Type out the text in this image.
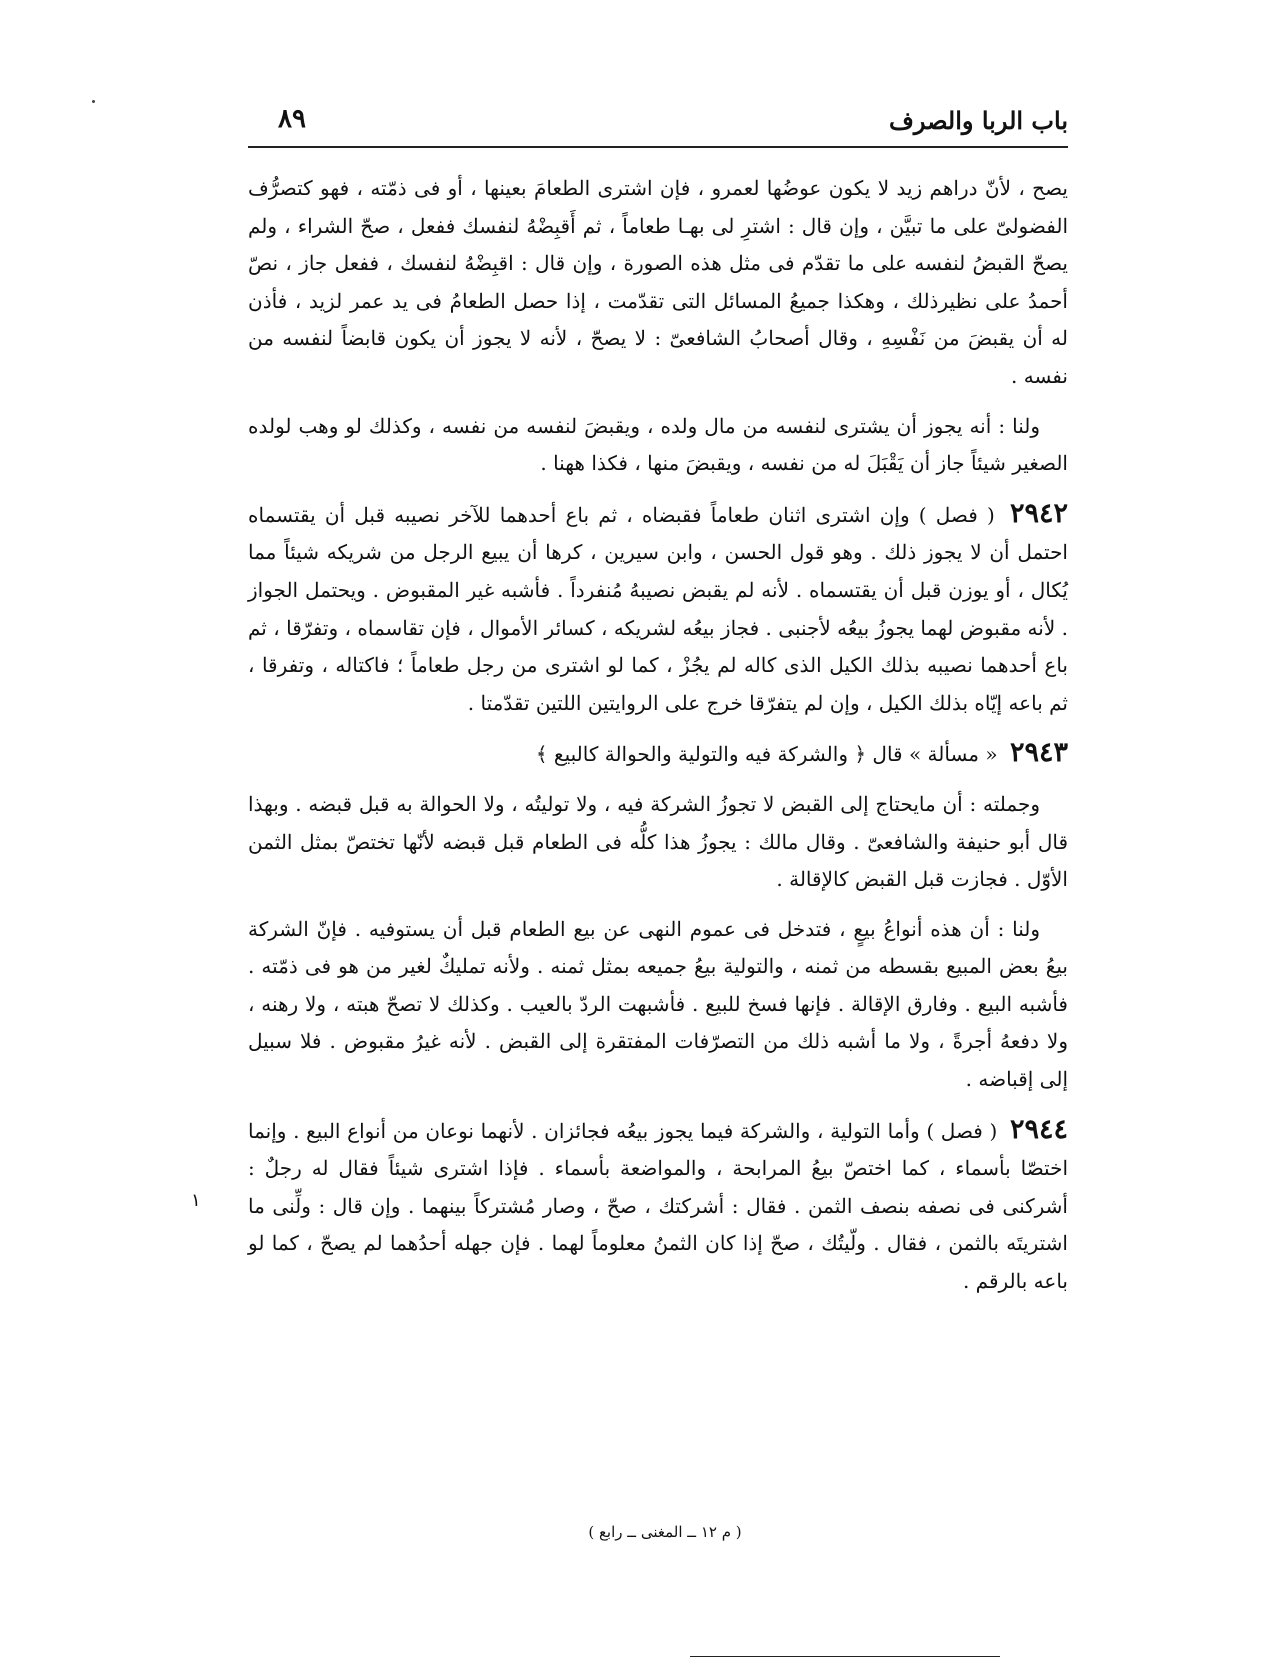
باب الربا والصرف
٨٩

يصح ، لأنّ دراهم زيد لا يكون عوضُها لعمرو ، فإن اشترى الطعامَ بعينها ، أو فى ذمّته ، فهو كتصرُّف الفضولىّ على ما تبيَّن ، وإن قال : اشترِ لى بهـا طعاماً ، ثم أَقبِضْهُ لنفسك ففعل ، صحّ الشراء ، ولم يصحّ القبضُ لنفسه على ما تقدّم فى مثل هذه الصورة ، وإن قال : اقبِضْهُ لنفسك ، ففعل جاز ، نصّ أحمدُ على نظيرذلك ، وهكذا جميعُ المسائل التى تقدّمت ، إذا حصل الطعامُ فى يد عمر لزيد ، فأذن له أن يقبضَ من نَفْسِهِ ، وقال أصحابُ الشافعىّ : لا يصحّ ، لأنه لا يجوز أن يكون قابضاً لنفسه من نفسه .

ولنا : أنه يجوز أن يشترى لنفسه من مال ولده ، ويقبضَ لنفسه من نفسه ، وكذلك لو وهب لولده الصغير شيئاً جاز أن يَقْبَلَ له من نفسه ، ويقبضَ منها ، فكذا ههنا .

٢٩٤٢ ( فصل ) وإن اشترى اثنان طعاماً فقبضاه ، ثم باع أحدهما للآخر نصيبه قبل أن يقتسماه احتمل أن لا يجوز ذلك . وهو قول الحسن ، وابن سيرين ، كرها أن يبيع الرجل من شريكه شيئاً مما يُكال ، أو يوزن قبل أن يقتسماه . لأنه لم يقبض نصيبهُ مُنفرداً . فأشبه غير المقبوض . ويحتمل الجواز . لأنه مقبوض لهما يجوزُ بيعُه لأجنبى . فجاز بيعُه لشريكه ، كسائر الأموال ، فإن تقاسماه ، وتفرّقا ، ثم باع أحدهما نصيبه بذلك الكيل الذى كاله لم يجُزْ ، كما لو اشترى من رجل طعاماً ؛ فاكتاله ، وتفرقا ، ثم باعه إيّاه بذلك الكيل ، وإن لم يتفرّقا خرج على الروايتين اللتين تقدّمتا .

٢٩٤٣ « مسألة » قال ﴿ والشركة فيه والتولية والحوالة كالبيع ﴾

وجملته : أن مايحتاج إلى القبض لا تجوزُ الشركة فيه ، ولا توليتُه ، ولا الحوالة به قبل قبضه . وبهذا قال أبو حنيفة والشافعىّ . وقال مالك : يجوزُ هذا كلُّه فى الطعام قبل قبضه لأنّها تختصّ بمثل الثمن الأوّل . فجازت قبل القبض كالإقالة .

ولنا : أن هذه أنواعُ بيعٍ ، فتدخل فى عموم النهى عن بيع الطعام قبل أن يستوفيه . فإنّ الشركة بيعُ بعض المبيع بقسطه من ثمنه ، والتولية بيعُ جميعه بمثل ثمنه . ولأنه تمليكٌ لغير من هو فى ذمّته . فأشبه البيع . وفارق الإقالة . فإنها فسخ للبيع . فأشبهت الردّ بالعيب . وكذلك لا تصحّ هبته ، ولا رهنه ، ولا دفعهُ أجرةً ، ولا ما أشبه ذلك من التصرّفات المفتقرة إلى القبض . لأنه غيرُ مقبوض . فلا سبيل إلى إقباضه .

٢٩٤٤ ( فصل ) وأما التولية ، والشركة فيما يجوز بيعُه فجائزان . لأنهما نوعان من أنواع البيع . وإنما اختصّا بأسماء ، كما اختصّ بيعُ المرابحة ، والمواضعة بأسماء . فإذا اشترى شيئاً فقال له رجلٌ : أشركنى فى نصفه بنصف الثمن . فقال : أشركتك ، صحّ ، وصار مُشتركاً بينهما . وإن قال : ولِّنى ما اشتريتَه بالثمن ، فقال . ولّيتُك ، صحّ إذا كان الثمنُ معلوماً لهما . فإن جهله أحدُهما لم يصحّ ، كما لو باعه بالرقم .

١
( م ١٢ ــ المغنى ــ رابع )
